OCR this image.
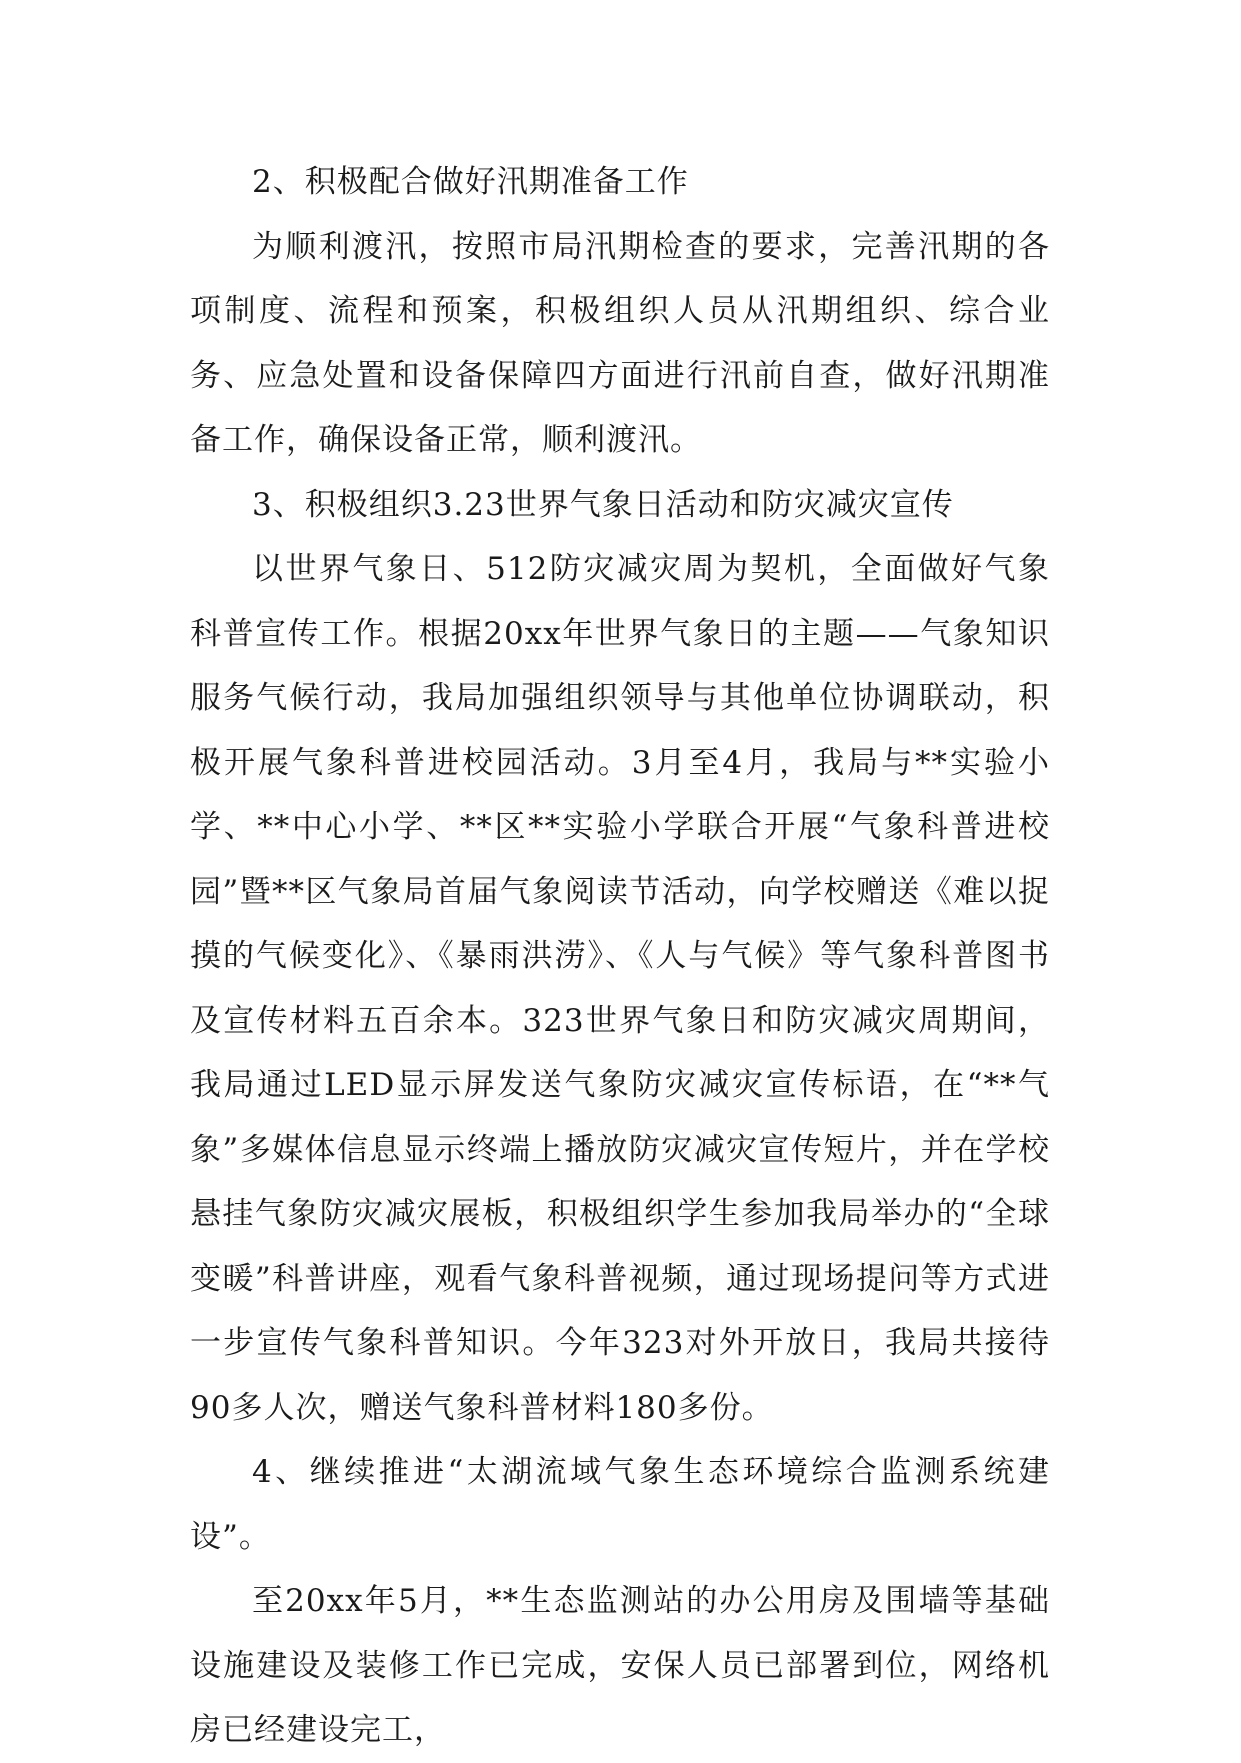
2、积极配合做好汛期准备工作

为顺利渡汛，按照市局汛期检查的要求，完善汛期的各项制度、流程和预案，积极组织人员从汛期组织、综合业务、应急处置和设备保障四方面进行汛前自查，做好汛期准备工作，确保设备正常，顺利渡汛。

3、积极组织3.23世界气象日活动和防灾减灾宣传

以世界气象日、512防灾减灾周为契机，全面做好气象科普宣传工作。根据20xx年世界气象日的主题——气象知识服务气候行动，我局加强组织领导与其他单位协调联动，积极开展气象科普进校园活动。3月至4月，我局与**实验小学、**中心小学、**区**实验小学联合开展“气象科普进校园”暨**区气象局首届气象阅读节活动，向学校赠送《难以捉摸的气候变化》、《暴雨洪涝》、《人与气候》等气象科普图书及宣传材料五百余本。323世界气象日和防灾减灾周期间，我局通过LED显示屏发送气象防灾减灾宣传标语，在“**气象”多媒体信息显示终端上播放防灾减灾宣传短片，并在学校悬挂气象防灾减灾展板，积极组织学生参加我局举办的“全球变暖”科普讲座，观看气象科普视频，通过现场提问等方式进一步宣传气象科普知识。今年323对外开放日，我局共接待90多人次，赠送气象科普材料180多份。

4、继续推进“太湖流域气象生态环境综合监测系统建设”。

至20xx年5月，**生态监测站的办公用房及围墙等基础设施建设及装修工作已完成，安保人员已部署到位，网络机房已经建设完工，
